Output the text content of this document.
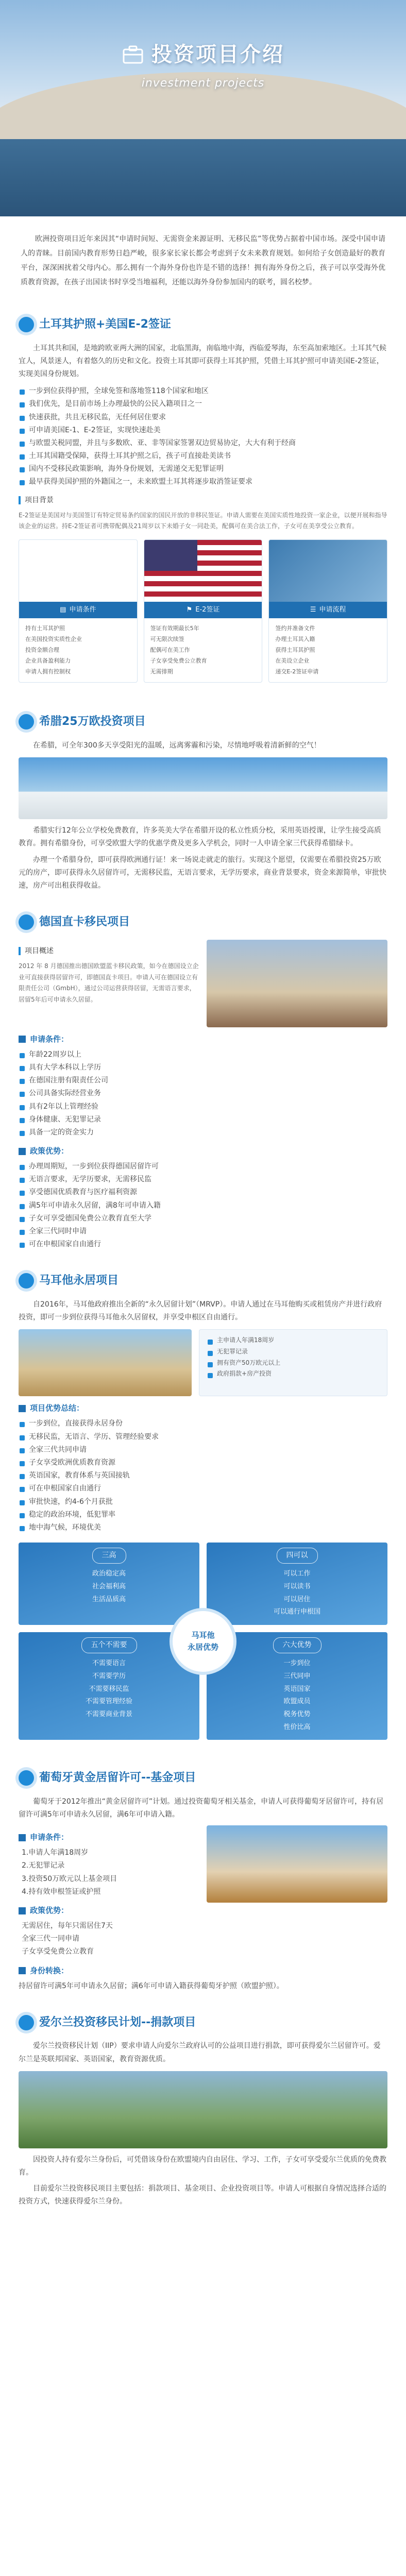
投资项目介绍
investment projects

欧洲投资项目近年来因其“申请时间短、无需资金来源证明、无移民监”等优势占据着中国市场。深受中国申请人的青睐。目前国内教育形势日趋严峻，很多家长家长都会考虑到子女未来教育规划。如何给子女创造最好的教育平台，深深困扰着父母内心。那么拥有一个海外身份也许是不错的选择！拥有海外身份之后，孩子可以享受海外优质教育资源，在孩子出国读书时享受当地福利，还能以海外身份参加国内的联考，圆名校梦。

土耳其护照+美国E-2签证

土耳其共和国，是地跨欧亚两大洲的国家，北临黑海，南临地中海，西临爱琴海，东至高加索地区。土耳其气候宜人，风景迷人，有着悠久的历史和文化。投资土耳其即可获得土耳其护照，凭借土耳其护照可申请美国E-2签证，实现美国身份规划。

一步到位获得护照，全球免签和落地签118个国家和地区
我们优先，是目前市场上办理最快的公民入籍项目之一
快速获批，共且无移民监，无任何居住要求
可申请美国E-1、E-2签证，实现快速赴美
与欧盟关税同盟，并且与多数欧、亚、非等国家签署双边贸易协定，大大有利于经商
土耳其国籍受保障，获得土耳其护照之后，孩子可直接赴美读书
国内不受移民政策影响，海外身份规划，无需递交无犯罪证明
最早获得美国护照的外籍国之一，未来欧盟土耳其将逐步取消签证要求
项目背景

E-2签证是美国对与美国签订有特定贸易条约国家的国民开放的非移民签证。申请人需要在美国实质性地投资一家企业，以便开展和指导该企业的运营。持E-2签证者可携带配偶及21周岁以下未婚子女一同赴美，配偶可在美合法工作，子女可在美享受公立教育。

▤ 申请条件
持有土耳其护照
在美国投资实质性企业
投资金额合理
企业具备盈利能力
申请人拥有控制权
⚑ E-2签证
签证有效期最长5年
可无限次续签
配偶可在美工作
子女享受免费公立教育
无需排期
☰ 申请流程
签约并准备文件
办理土耳其入籍
获得土耳其护照
在美设立企业
递交E-2签证申请
希腊25万欧投资项目

在希腊，可全年300多天享受阳光的温暖，远离雾霾和污染，尽情地呼吸着清新鲜的空气！

希腊实行12年公立学校免费教育，许多英美大学在希腊开设的私立性质分校，采用英语授课，让学生接受高质教育。拥有希腊身份，可享受欧盟大学的优惠学费及更多入学机会，同时一人申请全家三代获得希腊绿卡。

办理一个希腊身份，即可获得欧洲通行证！来一场说走就走的旅行。实现这个愿望，仅需要在希腊投资25万欧元的房产，即可获得永久居留许可，无需移民监，无语言要求，无学历要求，商业背景要求，资金来源简单，审批快速，房产可出租获得收益。

德国直卡移民项目
项目概述

2012 年 8 月德国推出德国欧盟蓝卡移民政策，如今在德国设立企业可直接获得居留许可，即德国直卡项目。申请人可在德国设立有限责任公司（GmbH），通过公司运营获得居留，无需语言要求，居留5年后可申请永久居留。

申请条件：
年龄22周岁以上
具有大学本科以上学历
在德国注册有限责任公司
公司具备实际经营业务
具有2年以上管理经验
身体健康、无犯罪记录
具备一定的资金实力
政策优势：
办理周期短，一步到位获得德国居留许可
无语言要求，无学历要求，无需移民监
享受德国优质教育与医疗福利资源
满5年可申请永久居留，满8年可申请入籍
子女可享受德国免费公立教育直至大学
全家三代同时申请
可在申根国家自由通行
马耳他永居项目

自2016年，马耳他政府推出全新的“永久居留计划”（MRVP）。申请人通过在马耳他购买或租赁房产并进行政府投资，即可一步到位获得马耳他永久居留权，并享受申根区自由通行。

主申请人年满18周岁
无犯罪记录
拥有资产50万欧元以上
政府捐款+房产投资
项目优势总结：
一步到位，直接获得永居身份
无移民监，无语言、学历、管理经验要求
全家三代共同申请
子女享受欧洲优质教育资源
英语国家，教育体系与英国接轨
可在申根国家自由通行
审批快速，约4-6个月获批
稳定的政治环境，低犯罪率
地中海气候，环境优美
三高
政治稳定高
社会福利高
生活品质高
四可以
可以工作
可以读书
可以居住
可以通行申根国
五个不需要
不需要语言
不需要学历
不需要移民监
不需要管理经验
不需要商业背景
六大优势
一步到位
三代同申
英语国家
欧盟成员
税务优势
性价比高
马耳他
永居优势
葡萄牙黄金居留许可--基金项目

葡萄牙于2012年推出“黄金居留许可”计划。通过投资葡萄牙相关基金，申请人可获得葡萄牙居留许可，持有居留许可满5年可申请永久居留，满6年可申请入籍。

申请条件：
1.申请人年满18周岁
2.无犯罪记录
3.投资50万欧元以上基金项目
4.持有效申根签证或护照
政策优势：
无需居住，每年只需居住7天
全家三代一同申请
子女享受免费公立教育
身份转换：

持居留许可满5年可申请永久居留；满6年可申请入籍获得葡萄牙护照（欧盟护照）。

爱尔兰投资移民计划--捐款项目

爱尔兰投资移民计划（IIP）要求申请人向爱尔兰政府认可的公益项目进行捐款，即可获得爱尔兰居留许可。爱尔兰是英联邦国家、英语国家，教育资源优质。

因投资人持有爱尔兰身份后，可凭借该身份在欧盟境内自由居住、学习、工作，子女可享受爱尔兰优质的免费教育。

目前爱尔兰投资移民项目主要包括：捐款项目、基金项目、企业投资项目等。申请人可根据自身情况选择合适的投资方式，快速获得爱尔兰身份。
